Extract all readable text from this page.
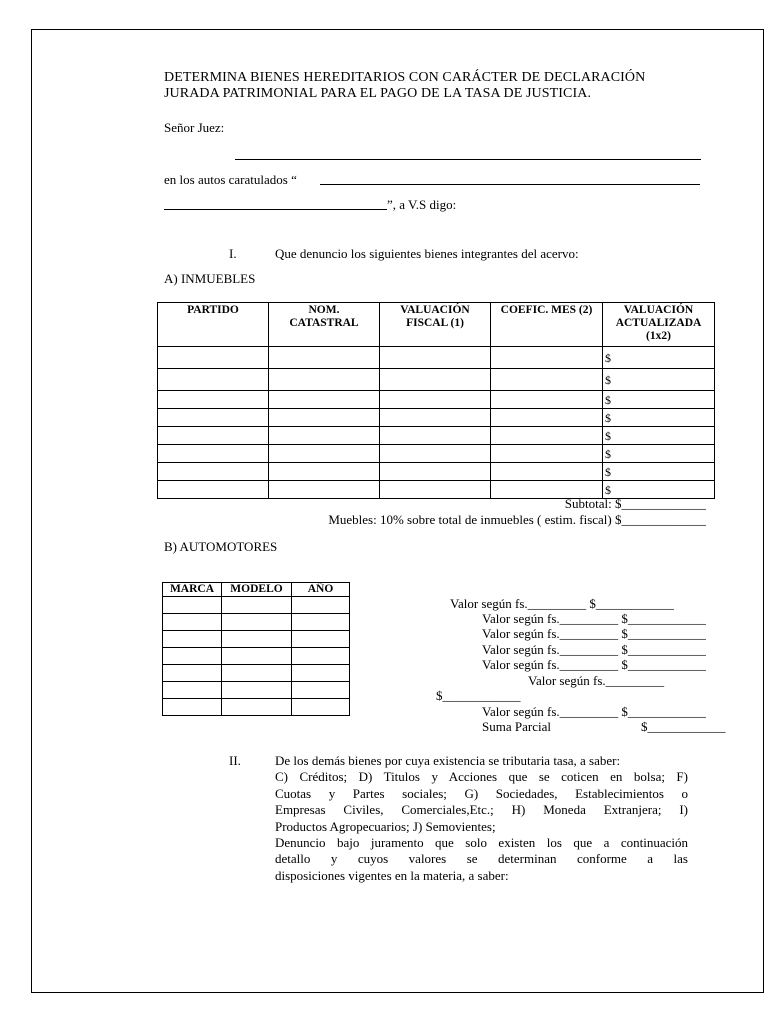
DETERMINA BIENES HEREDITARIOS CON CARÁCTER DE DECLARACIÓN
JURADA PATRIMONIAL PARA EL PAGO DE LA TASA DE JUSTICIA.
Señor Juez:
en los autos caratulados “
”, a V.S digo:
I.	Que denuncio los siguientes bienes integrantes del acervo:
A) INMUEBLES
PARTIDO	NOM. CATASTRAL	VALUACIÓN FISCAL (1)	COEFIC. MES (2)	VALUACIÓN ACTUALIZADA (1x2)

				$
				$
				$
				$
				$
				$
				$
				$
Subtotal: $_____________
Muebles: 10% sobre total de inmuebles ( estim. fiscal) $_____________
B) AUTOMOTORES
MARCA	MODELO	AÑO

Valor según fs._________ $____________
Valor según fs._________ $____________
Valor según fs._________ $____________
Valor según fs._________ $____________
Valor según fs._________ $____________
Valor según fs._________
$____________
Valor según fs._________ $____________
Suma Parcial	$____________
II.	De los demás bienes por cuya existencia se tributaria tasa, a saber:
C) Créditos; D) Titulos y Acciones que se coticen en bolsa; F)
Cuotas y Partes sociales; G) Sociedades, Establecimientos o
Empresas Civiles, Comerciales,Etc.; H) Moneda Extranjera; I)
Productos Agropecuarios; J) Semovientes;
Denuncio bajo juramento que solo existen los que a continuación
detallo y cuyos valores se determinan conforme a las
disposiciones vigentes en la materia, a saber:
